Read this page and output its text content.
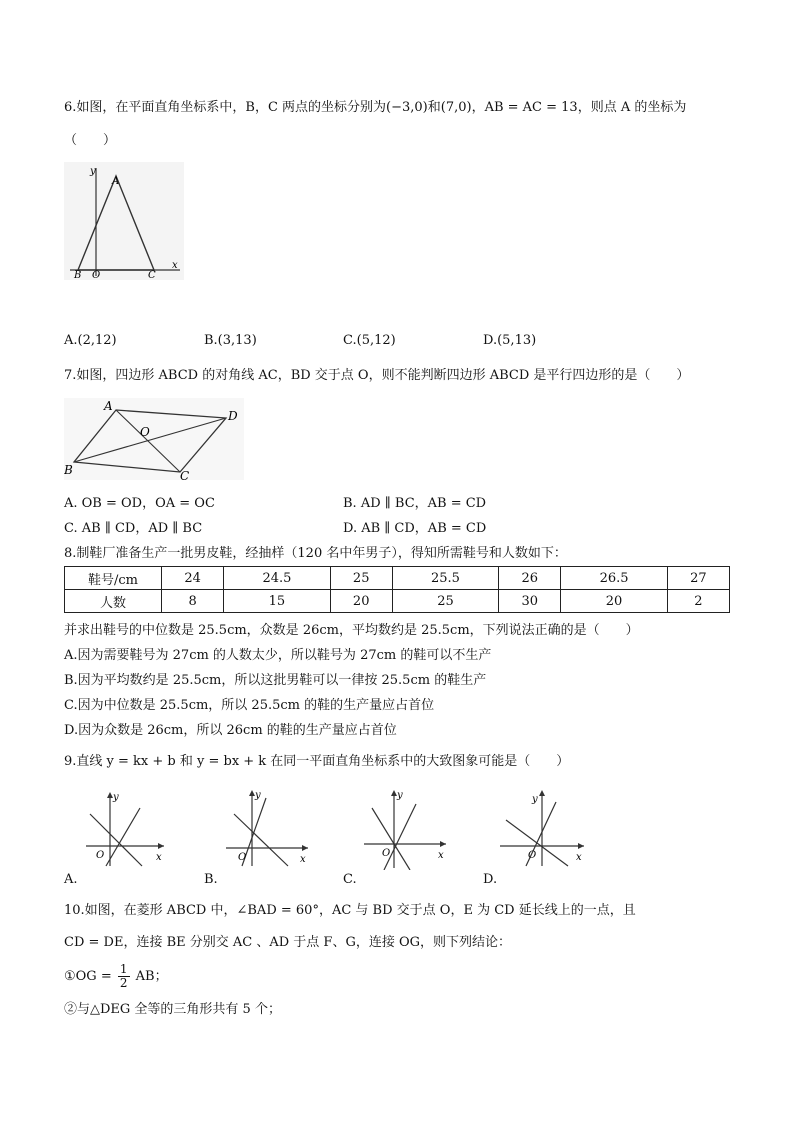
6.如图，在平面直角坐标系中，B，C 两点的坐标分别为(−3,0)和(7,0)，AB = AC = 13，则点 A 的坐标为
（　　）
y
A
B O	C
x
A.(2,12)	B.(3,13)	C.(5,12)	D.(5,13)
7.如图，四边形 ABCD 的对角线 AC，BD 交于点 O，则不能判断四边形 ABCD 是平行四边形的是（　　）
A
D
O
B	C
A. OB = OD，OA = OC	B. AD ∥ BC，AB = CD
C. AB ∥ CD，AD ∥ BC	D. AB ∥ CD，AB = CD
8.制鞋厂准备生产一批男皮鞋，经抽样（120 名中年男子），得知所需鞋号和人数如下：
鞋号/cm	24	24.5	25	25.5	26	26.5	27
人数	8	15	20	25	30	20	2
并求出鞋号的中位数是 25.5cm，众数是 26cm，平均数约是 25.5cm，下列说法正确的是（　　）
A.因为需要鞋号为 27cm 的人数太少，所以鞋号为 27cm 的鞋可以不生产
B.因为平均数约是 25.5cm，所以这批男鞋可以一律按 25.5cm 的鞋生产
C.因为中位数是 25.5cm，所以 25.5cm 的鞋的生产量应占首位
D.因为众数是 26cm，所以 26cm 的鞋的生产量应占首位
9.直线 y = kx + b 和 y = bx + k 在同一平面直角坐标系中的大致图象可能是（　　）
y
O	x
y
O	x
y
O	x
y
O	x
A.	B.	C.	D.
10.如图，在菱形 ABCD 中，∠BAD = 60°，AC 与 BD 交于点 O，E 为 CD 延长线上的一点，且
CD = DE，连接 BE 分别交 AC 、AD 于点 F、G，连接 OG，则下列结论：
①OG = $\frac{1}{2}$ AB；
②与△DEG 全等的三角形共有 5 个；
